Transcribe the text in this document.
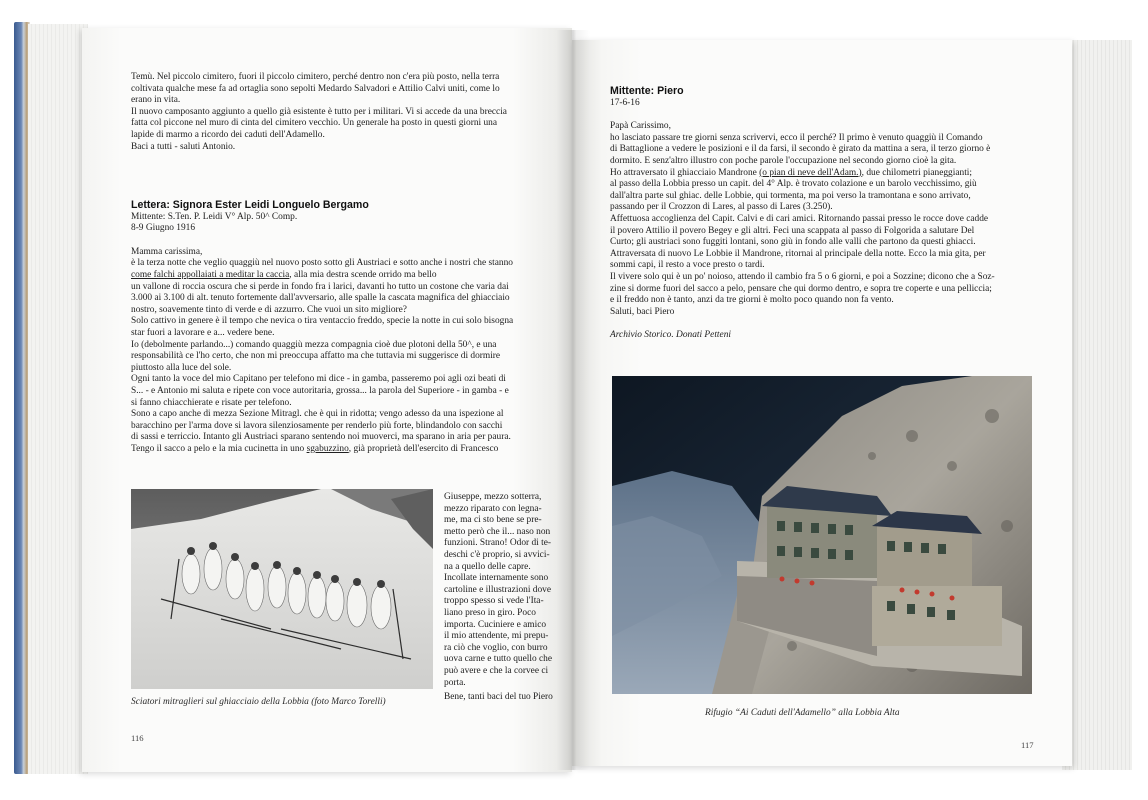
Temù. Nel piccolo cimitero, fuori il piccolo cimitero, perché dentro non c'era più posto, nella terra

coltivata qualche mese fa ad ortaglia sono sepolti Medardo Salvadori e Attilio Calvi uniti, come lo

erano in vita.

Il nuovo camposanto aggiunto a quello già esistente è tutto per i militari. Vi si accede da una breccia

fatta col piccone nel muro di cinta del cimitero vecchio. Un generale ha posto in questi giorni una

lapide di marmo a ricordo dei caduti dell'Adamello.

Baci a tutti - saluti Antonio.

Lettera: Signora Ester Leidi Longuelo Bergamo

Mittente: S.Ten. P. Leidi V° Alp. 50^ Comp.

8-9 Giugno 1916

Mamma carissima,

è la terza notte che veglio quaggiù nel nuovo posto sotto gli Austriaci e sotto anche i nostri che stanno

come falchi appollaiati a meditar la caccia, alla mia destra scende orrido ma bello

un vallone di roccia oscura che si perde in fondo fra i larici, davanti ho tutto un costone che varia dai

3.000 ai 3.100 di alt. tenuto fortemente dall'avversario, alle spalle la cascata magnifica del ghiacciaio

nostro, soavemente tinto di verde e di azzurro. Che vuoi un sito migliore?

Solo cattivo in genere è il tempo che nevica o tira ventaccio freddo, specie la notte in cui solo bisogna

star fuori a lavorare e a... vedere bene.

Io (debolmente parlando...) comando quaggiù mezza compagnia cioè due plotoni della 50^, e una

responsabilità ce l'ho certo, che non mi preoccupa affatto ma che tuttavia mi suggerisce di dormire

piuttosto alla luce del sole.

Ogni tanto la voce del mio Capitano per telefono mi dice - in gamba, passeremo poi agli ozi beati di

S... - e Antonio mi saluta e ripete con voce autoritaria, grossa... la parola del Superiore - in gamba - e

si fanno chiacchierate e risate per telefono.

Sono a capo anche di mezza Sezione Mitragl. che è qui in ridotta; vengo adesso da una ispezione al

baracchino per l'arma dove si lavora silenziosamente per renderlo più forte, blindandolo con sacchi

di sassi e terriccio. Intanto gli Austriaci sparano sentendo noi muoverci, ma sparano in aria per paura.

Tengo il sacco a pelo e la mia cucinetta in uno sgabuzzino, già proprietà dell'esercito di Francesco

Giuseppe, mezzo sotterra,

mezzo riparato con legna-

me, ma ci sto bene se pre-

metto però che il... naso non

funzioni. Strano! Odor di te-

deschi c'è proprio, si avvici-

na a quello delle capre.

Incollate internamente sono

cartoline e illustrazioni dove

troppo spesso si vede l'Ita-

liano preso in giro. Poco

importa. Cuciniere e amico

il mio attendente, mi prepu-

ra ciò che voglio, con burro

uova carne e tutto quello che

può avere e che la corvee ci

porta.

Bene, tanti baci del tuo Piero

Sciatori mitraglieri sul ghiacciaio della Lobbia (foto Marco Torelli)
116

Mittente: Piero

17-6-16

Papà Carissimo,

ho lasciato passare tre giorni senza scrivervi, ecco il perché? Il primo è venuto quaggiù il Comando

di Battaglione a vedere le posizioni e il da farsi, il secondo è girato da mattina a sera, il terzo giorno è

dormito. E senz'altro illustro con poche parole l'occupazione nel secondo giorno cioè la gita.

Ho attraversato il ghiacciaio Mandrone (o pian di neve dell'Adam.), due chilometri pianeggianti;

al passo della Lobbia presso un capit. del 4° Alp. è trovato colazione e un barolo vecchissimo, giù

dall'altra parte sul ghiac. delle Lobbie, qui tormenta, ma poi verso la tramontana e sono arrivato,

passando per il Crozzon di Lares, al passo di Lares (3.250).

Affettuosa accoglienza del Capit. Calvi e di cari amici. Ritornando passai presso le rocce dove cadde

il povero Attilio il povero Begey e gli altri. Feci una scappata al passo di Folgorida a salutare Del

Curto; gli austriaci sono fuggiti lontani, sono giù in fondo alle valli che partono da questi ghiacci.

Attraversata di nuovo Le Lobbie il Mandrone, ritornai al principale della notte. Ecco la mia gita, per

sommi capi, il resto a voce presto o tardi.

Il vivere solo qui è un po' noioso, attendo il cambio fra 5 o 6 giorni, e poi a Sozzine; dicono che a Soz-

zine si dorme fuori del sacco a pelo, pensare che qui dormo dentro, e sopra tre coperte e una pelliccia;

e il freddo non è tanto, anzi da tre giorni è molto poco quando non fa vento.

Saluti, baci Piero

Archivio Storico. Donati Petteni

Rifugio “Ai Caduti dell'Adamello” alla Lobbia Alta
117
